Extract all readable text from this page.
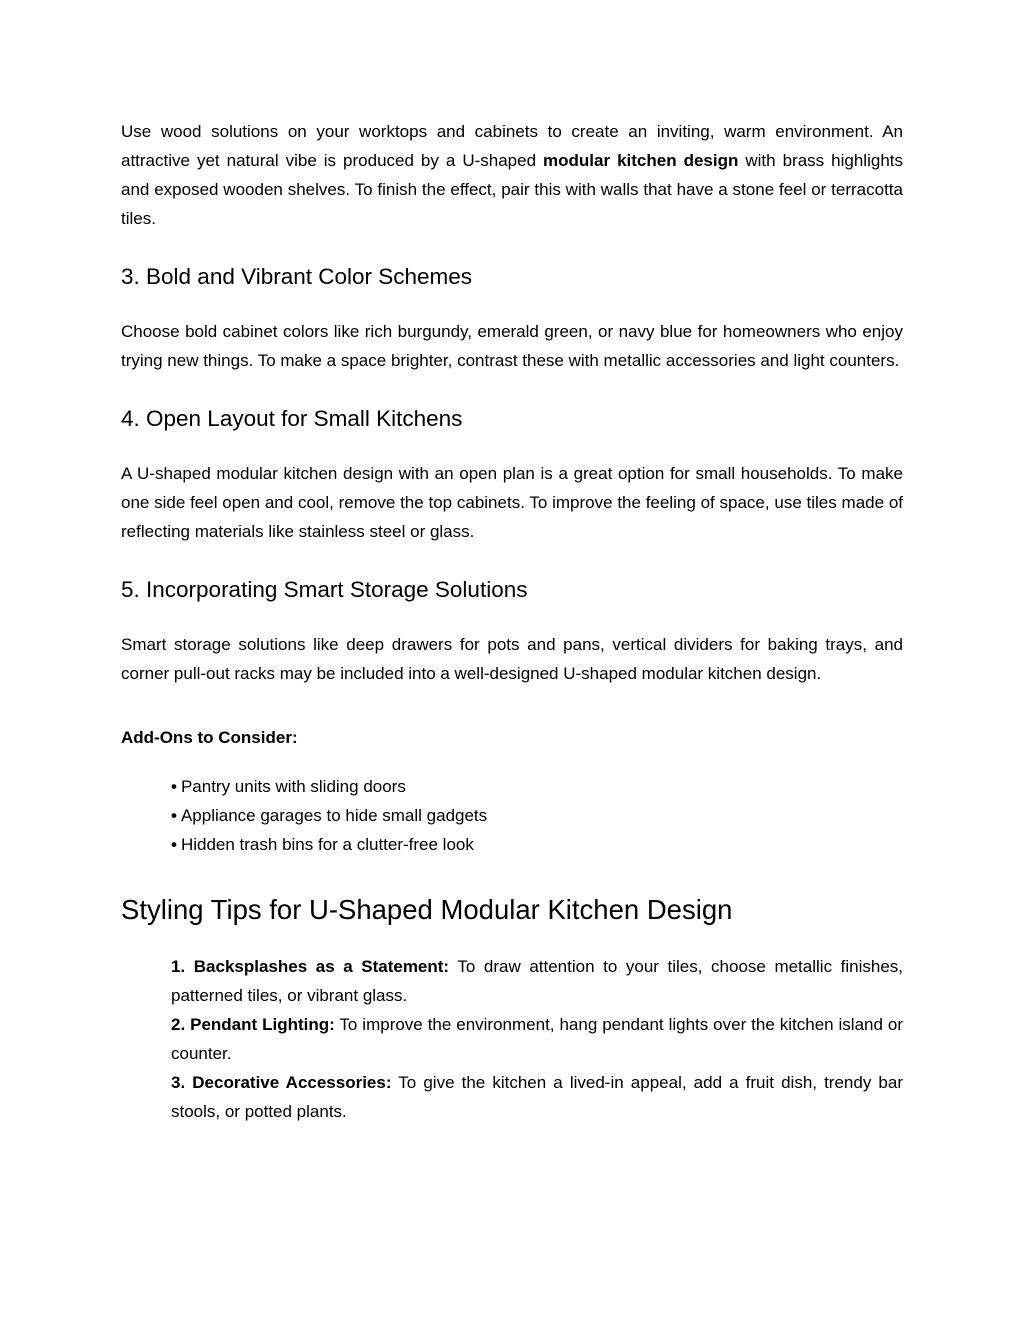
Use wood solutions on your worktops and cabinets to create an inviting, warm environment. An attractive yet natural vibe is produced by a U-shaped modular kitchen design with brass highlights and exposed wooden shelves. To finish the effect, pair this with walls that have a stone feel or terracotta tiles.

3. Bold and Vibrant Color Schemes

Choose bold cabinet colors like rich burgundy, emerald green, or navy blue for homeowners who enjoy trying new things. To make a space brighter, contrast these with metallic accessories and light counters.

4. Open Layout for Small Kitchens

A U-shaped modular kitchen design with an open plan is a great option for small households. To make one side feel open and cool, remove the top cabinets. To improve the feeling of space, use tiles made of reflecting materials like stainless steel or glass.

5. Incorporating Smart Storage Solutions

Smart storage solutions like deep drawers for pots and pans, vertical dividers for baking trays, and corner pull-out racks may be included into a well-designed U-shaped modular kitchen design.

Add-Ons to Consider:

• Pantry units with sliding doors
• Appliance garages to hide small gadgets
• Hidden trash bins for a clutter-free look
Styling Tips for U-Shaped Modular Kitchen Design

1. Backsplashes as a Statement: To draw attention to your tiles, choose metallic finishes, patterned tiles, or vibrant glass.

2. Pendant Lighting: To improve the environment, hang pendant lights over the kitchen island or counter.

3. Decorative Accessories: To give the kitchen a lived-in appeal, add a fruit dish, trendy bar stools, or potted plants.
